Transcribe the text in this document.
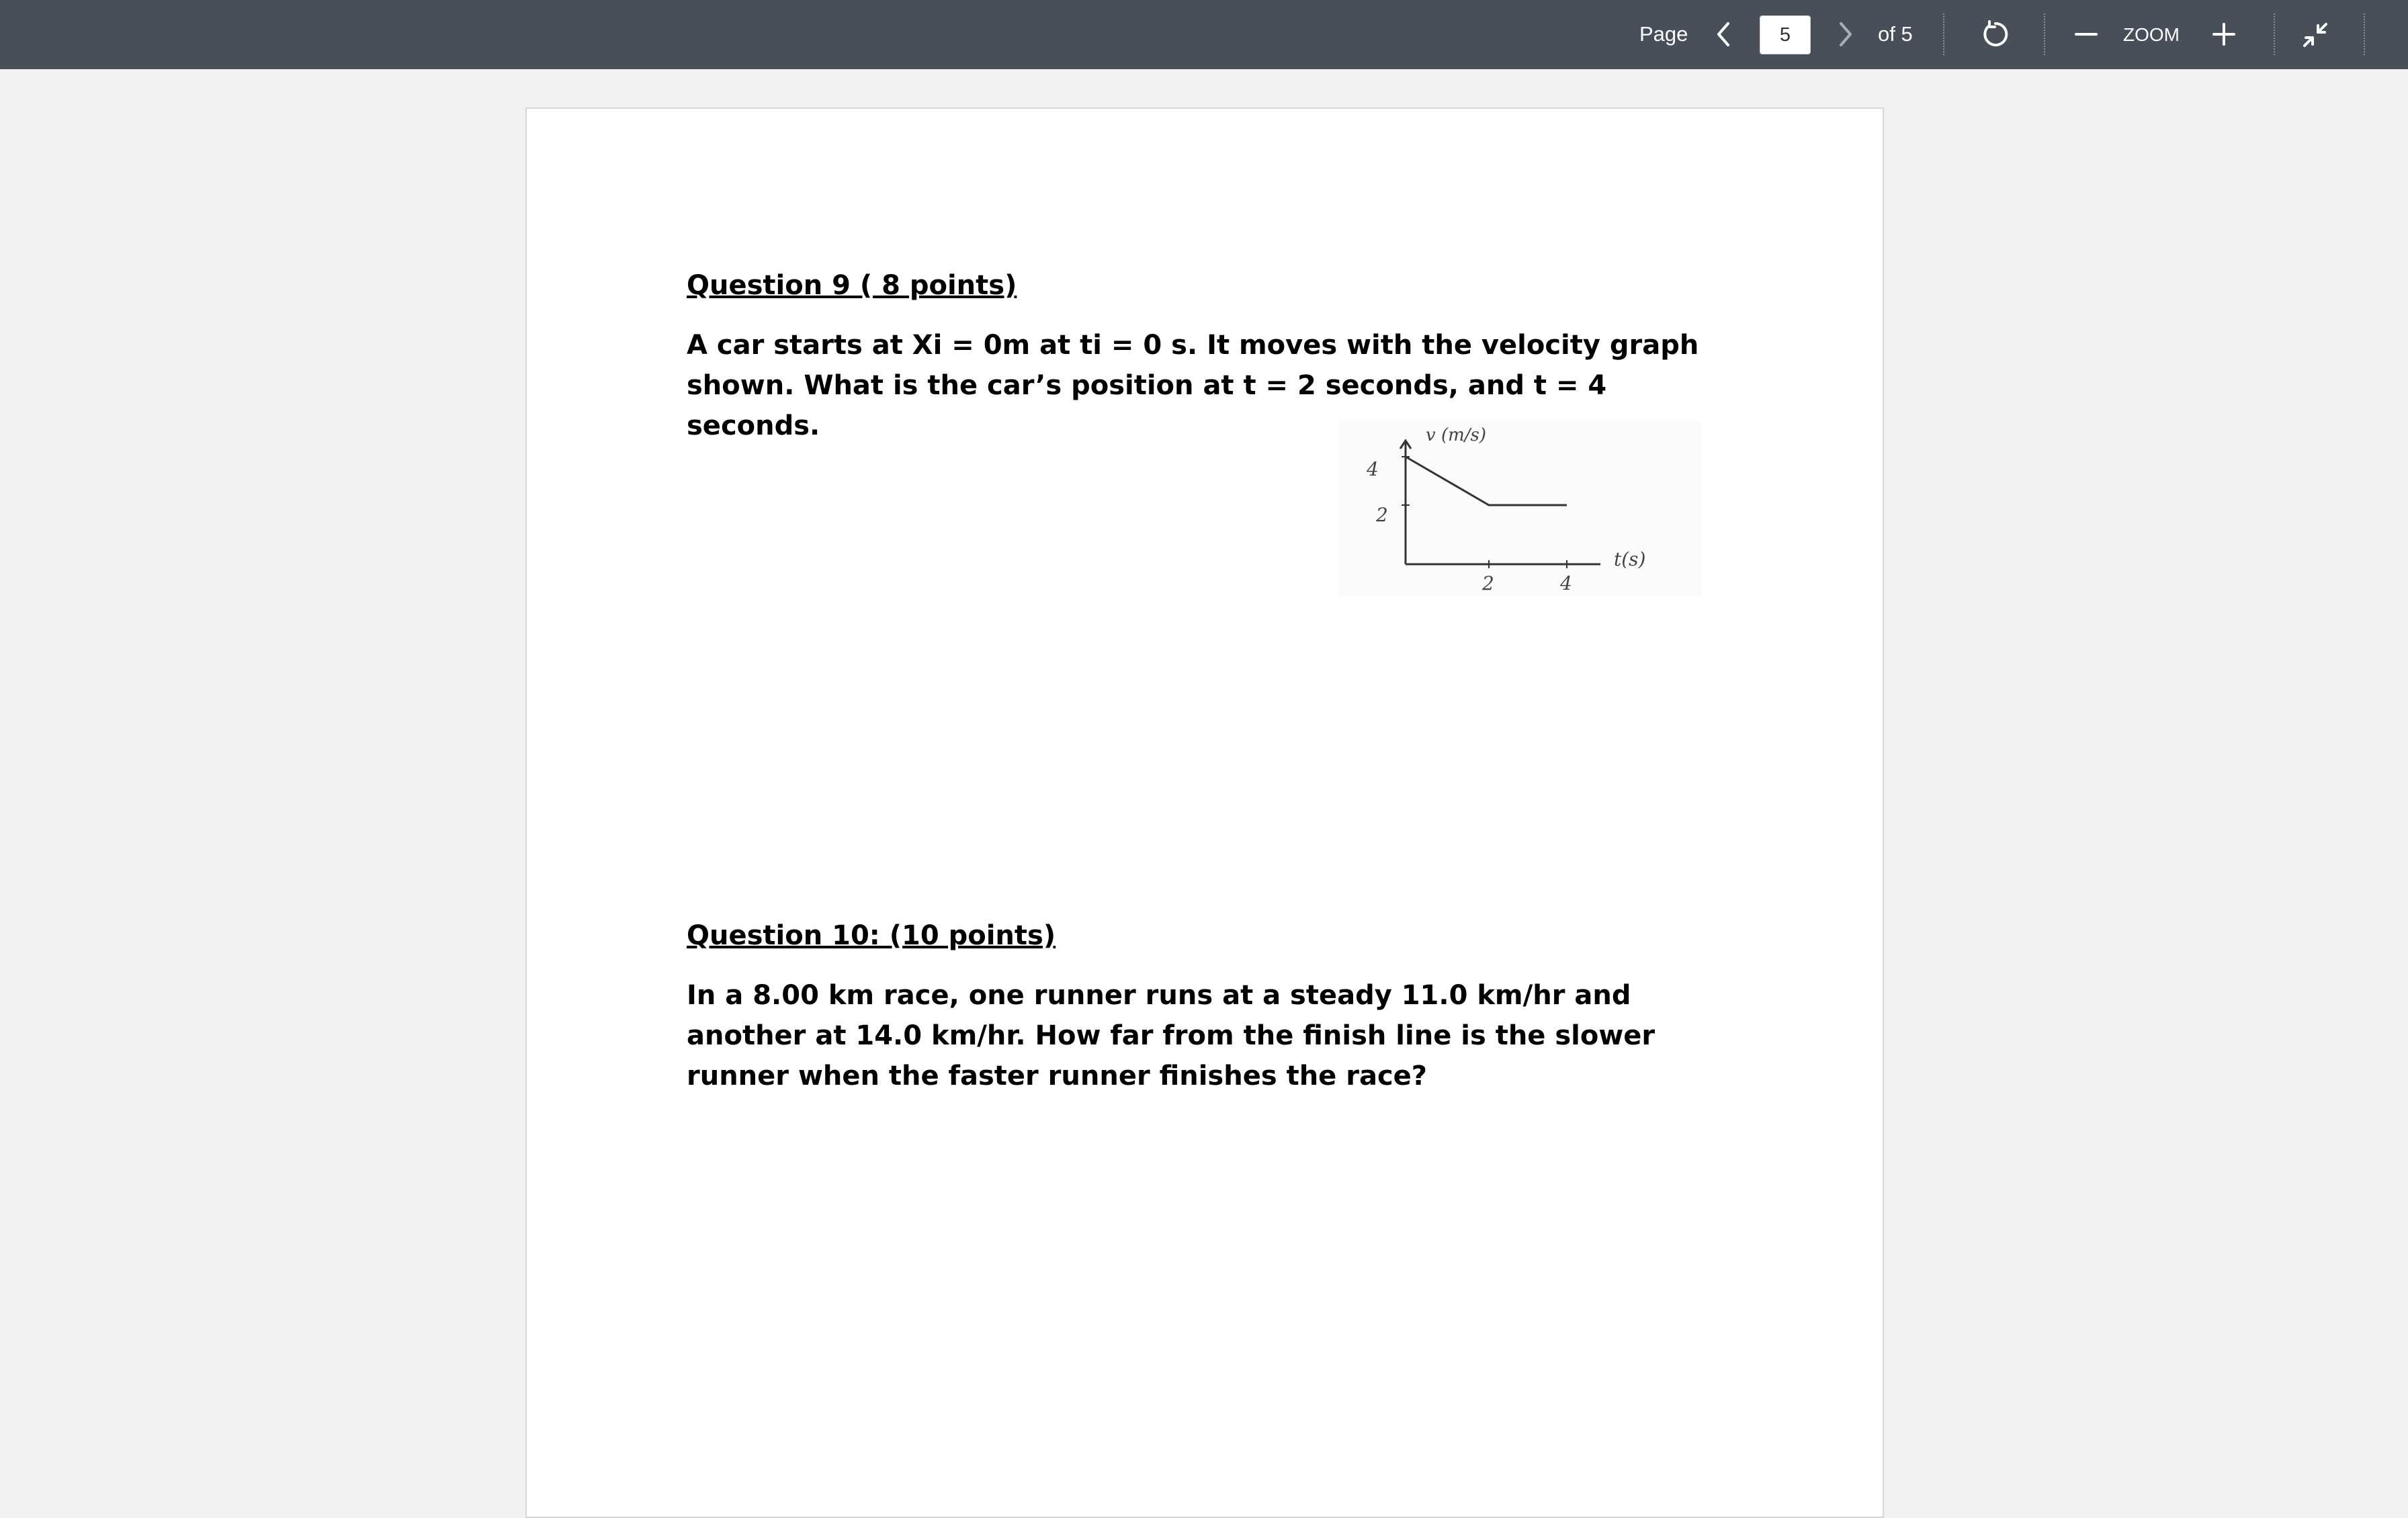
Page
5	of 5	ZOOM
Question 9 ( 8 points)

A car starts at Xi = 0m at ti = 0 s. It moves with the velocity graph shown. What is the car’s position at t = 2 seconds, and t = 4 seconds.	v (m/s)
4
2
2	4
t(s)
Question 10: (10 points)

In a 8.00 km race, one runner runs at a steady 11.0 km/hr and another at 14.0 km/hr. How far from the finish line is the slower runner when the faster runner finishes the race?
